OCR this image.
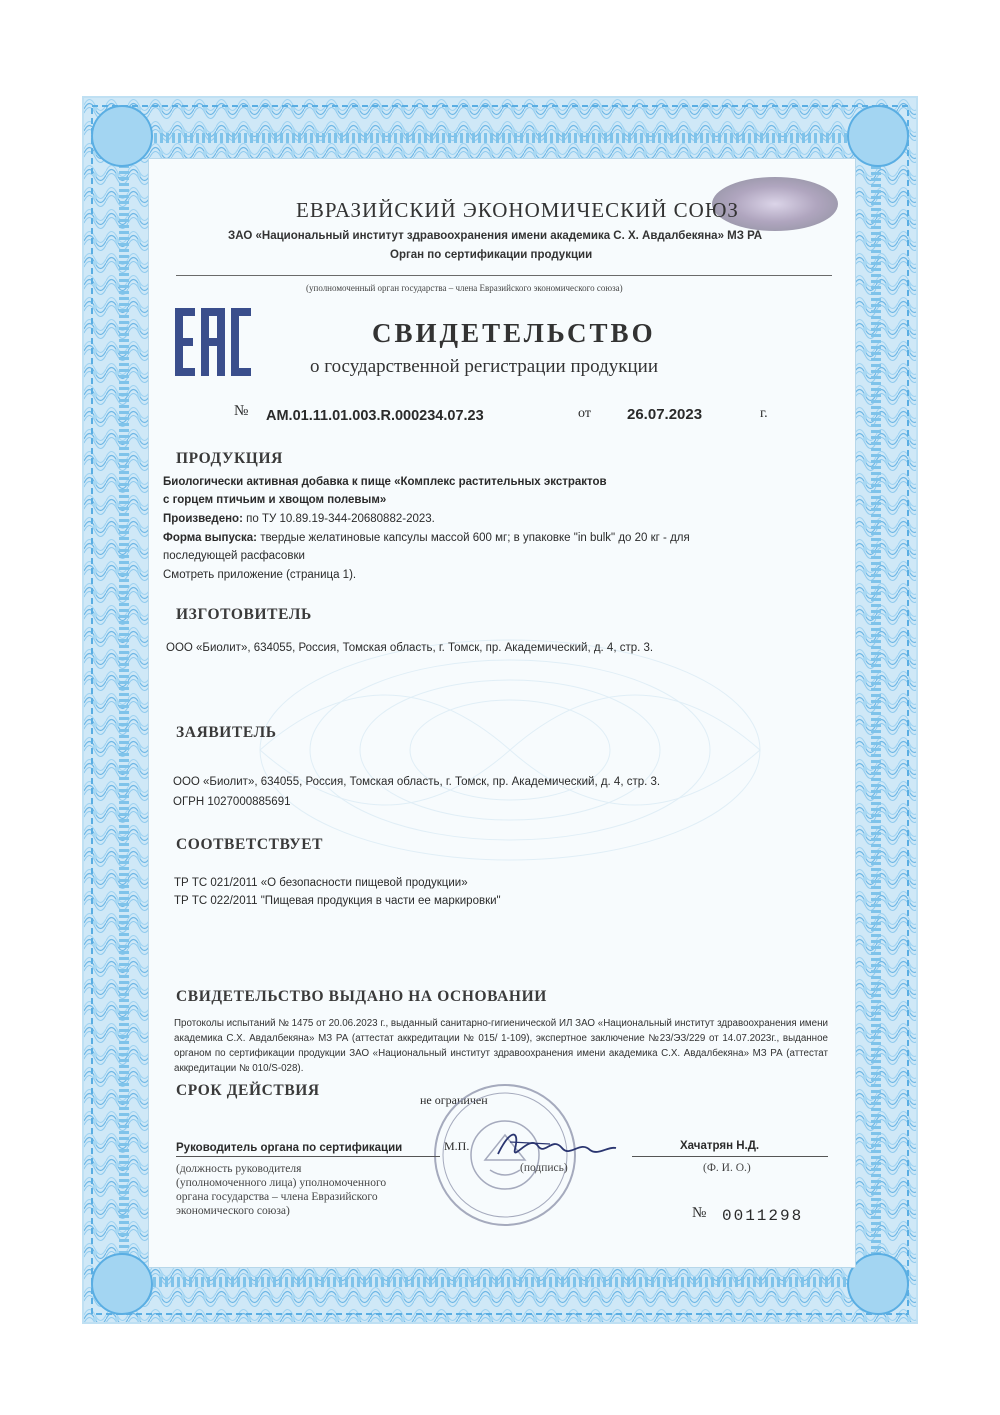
ЕВРАЗИЙСКИЙ ЭКОНОМИЧЕСКИЙ СОЮЗ
ЗАО «Национальный институт здравоохранения имени академика С. Х. Авдалбекяна» МЗ РА
Орган по сертификации продукции
(уполномоченный орган государства – члена Евразийского экономического союза)
СВИДЕТЕЛЬСТВО
о государственной регистрации продукции
№ AM.01.11.01.003.R.000234.07.23	от 26.07.2023	г.
ПРОДУКЦИЯ
Биологически активная добавка к пище «Комплекс растительных экстрактов
с горцем птичьим и хвощом полевым»
Произведено: по ТУ 10.89.19-344-20680882-2023.
Форма выпуска: твердые желатиновые капсулы массой 600 мг; в упаковке "in bulk" до 20 кг - для
последующей расфасовки
Смотреть приложение (страница 1).
ИЗГОТОВИТЕЛЬ
ООО «Биолит», 634055, Россия, Томская область, г. Томск, пр. Академический, д. 4, стр. 3.
ЗАЯВИТЕЛЬ
ООО «Биолит», 634055, Россия, Томская область, г. Томск, пр. Академический, д. 4, стр. 3.
ОГРН 1027000885691
СООТВЕТСТВУЕТ
ТР ТС 021/2011 «О безопасности пищевой продукции»
ТР ТС 022/2011 "Пищевая продукция в части ее маркировки"
СВИДЕТЕЛЬСТВО ВЫДАНО НА ОСНОВАНИИ
Протоколы испытаний № 1475 от 20.06.2023 г., выданный санитарно-гигиенической ИЛ ЗАО «Национальный институт здравоохранения имени академика С.Х. Авдалбекяна» МЗ РА (аттестат аккредитации № 015/ 1-109), экспертное заключение №23/ЭЗ/229 от 14.07.2023г., выданное органом по сертификации продукции ЗАО «Национальный институт здравоохранения имени академика С.Х. Авдалбекяна» МЗ РА (аттестат аккредитации № 010/S-028).
СРОК ДЕЙСТВИЯ
не ограничен
Руководитель органа по сертификации	М.П.	Хачатрян Н.Д.
(должность руководителя
(уполномоченного лица) уполномоченного
органа государства – члена Евразийского
экономического союза)
(подпись)	(Ф. И. О.)
№ 0011298
